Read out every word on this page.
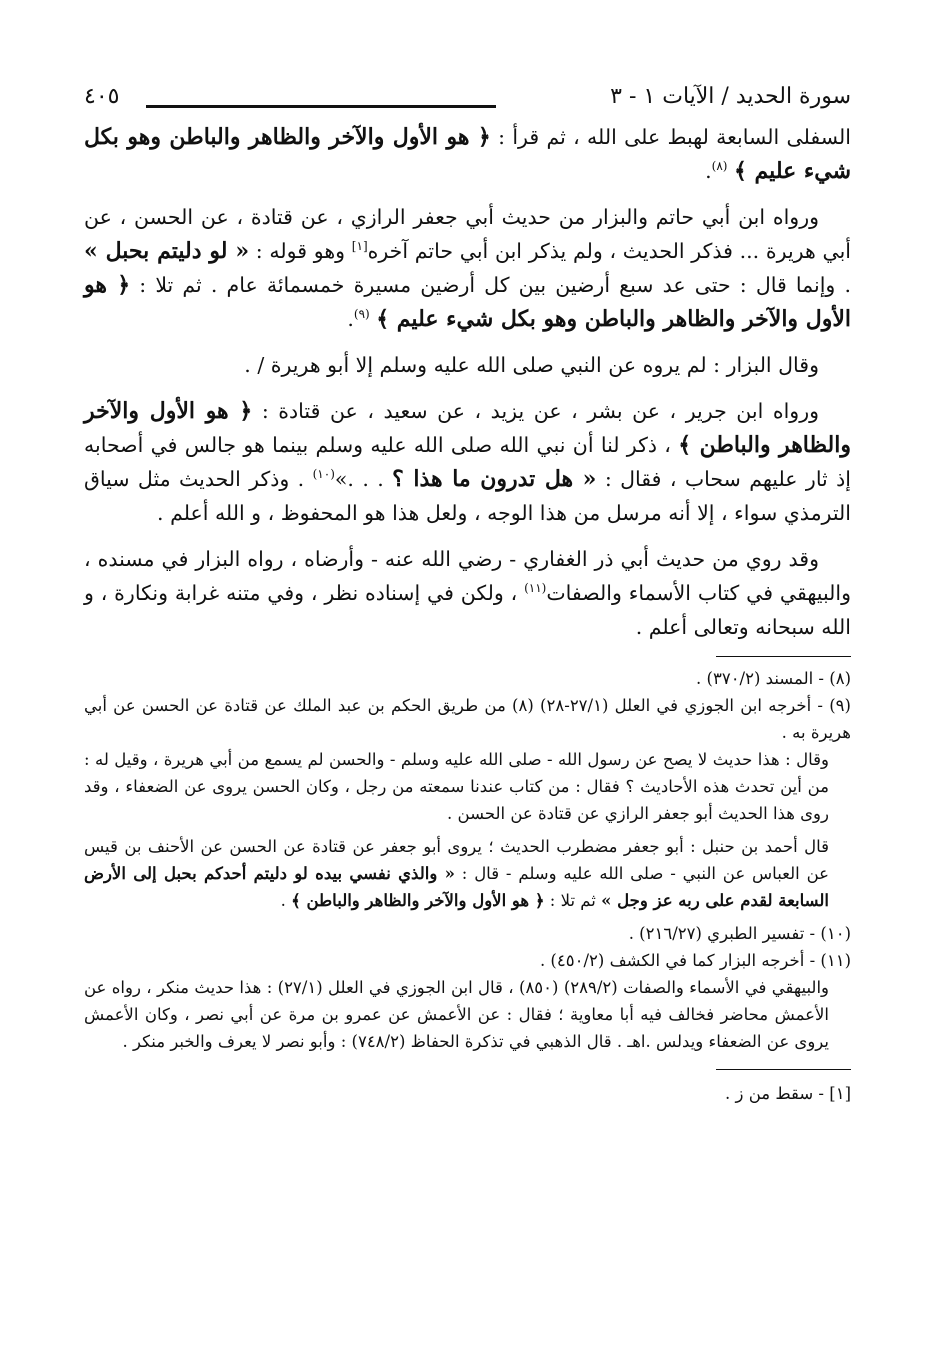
سورة الحديد / الآيات ١ - ٣
٤٠٥

السفلى السابعة لهبط على الله ، ثم قرأ : ﴿ هو الأول والآخر والظاهر والباطن وهو بكل شيء عليم ﴾ $^{(٨)}$.

ورواه ابن أبي حاتم والبزار من حديث أبي جعفر الرازي ، عن قتادة ، عن الحسن ، عن أبي هريرة ... فذكر الحديث ، ولم يذكر ابن أبي حاتم آخره[١] وهو قوله : « لو دليتم بحبل » . وإنما قال : حتى عد سبع أرضين بين كل أرضين مسيرة خمسمائة عام . ثم تلا : ﴿ هو الأول والآخر والظاهر والباطن وهو بكل شيء عليم ﴾ $^{(٩)}$.

وقال البزار : لم يروه عن النبي صلى الله عليه وسلم إلا أبو هريرة / .

ورواه ابن جرير ، عن بشر ، عن يزيد ، عن سعيد ، عن قتادة : ﴿ هو الأول والآخر والظاهر والباطن ﴾ ، ذكر لنا أن نبي الله صلى الله عليه وسلم بينما هو جالس في أصحابه إذ ثار عليهم سحاب ، فقال : « هل تدرون ما هذا ؟ . . .»$^{(١٠)}$ . وذكر الحديث مثل سياق الترمذي سواء ، إلا أنه مرسل من هذا الوجه ، ولعل هذا هو المحفوظ ، و الله أعلم .

وقد روي من حديث أبي ذر الغفاري - رضي الله عنه - وأرضاه ، رواه البزار في مسنده ، والبيهقي في كتاب الأسماء والصفات$^{(١١)}$ ، ولكن في إسناده نظر ، وفي متنه غرابة ونكارة ، و الله سبحانه وتعالى أعلم .

(٨) - المسند (٣٧٠/٢) .

(٩) - أخرجه ابن الجوزي في العلل (٢٧/١-٢٨) (٨) من طريق الحكم بن عبد الملك عن قتادة عن الحسن عن أبي هريرة به .

وقال : هذا حديث لا يصح عن رسول الله - صلى الله عليه وسلم - والحسن لم يسمع من أبي هريرة ، وقيل له : من أين تحدث هذه الأحاديث ؟ فقال : من كتاب عندنا سمعته من رجل ، وكان الحسن يروى عن الضعفاء ، وقد روى هذا الحديث أبو جعفر الرازي عن قتادة عن الحسن .

قال أحمد بن حنبل : أبو جعفر مضطرب الحديث ؛ يروى أبو جعفر عن قتادة عن الحسن عن الأحنف بن قيس عن العباس عن النبي - صلى الله عليه وسلم - قال : « والذي نفسي بيده لو دليتم أحدكم بحبل إلى الأرض السابعة لقدم على ربه عز وجل » ثم تلا : ﴿ هو الأول والآخر والظاهر والباطن ﴾ .

(١٠) - تفسير الطبري (٢١٦/٢٧) .

(١١) - أخرجه البزار كما في الكشف (٤٥٠/٢) .

والبيهقي في الأسماء والصفات (٢٨٩/٢) (٨٥٠) ، قال ابن الجوزي في العلل (٢٧/١) : هذا حديث منكر ، رواه عن الأعمش محاضر فخالف فيه أبا معاوية ؛ فقال : عن الأعمش عن عمرو بن مرة عن أبي نصر ، وكان الأعمش يروى عن الضعفاء ويدلس .اهـ . قال الذهبي في تذكرة الحفاظ (٧٤٨/٢) : وأبو نصر لا يعرف والخبر منكر .

[١] - سقط من ز .
